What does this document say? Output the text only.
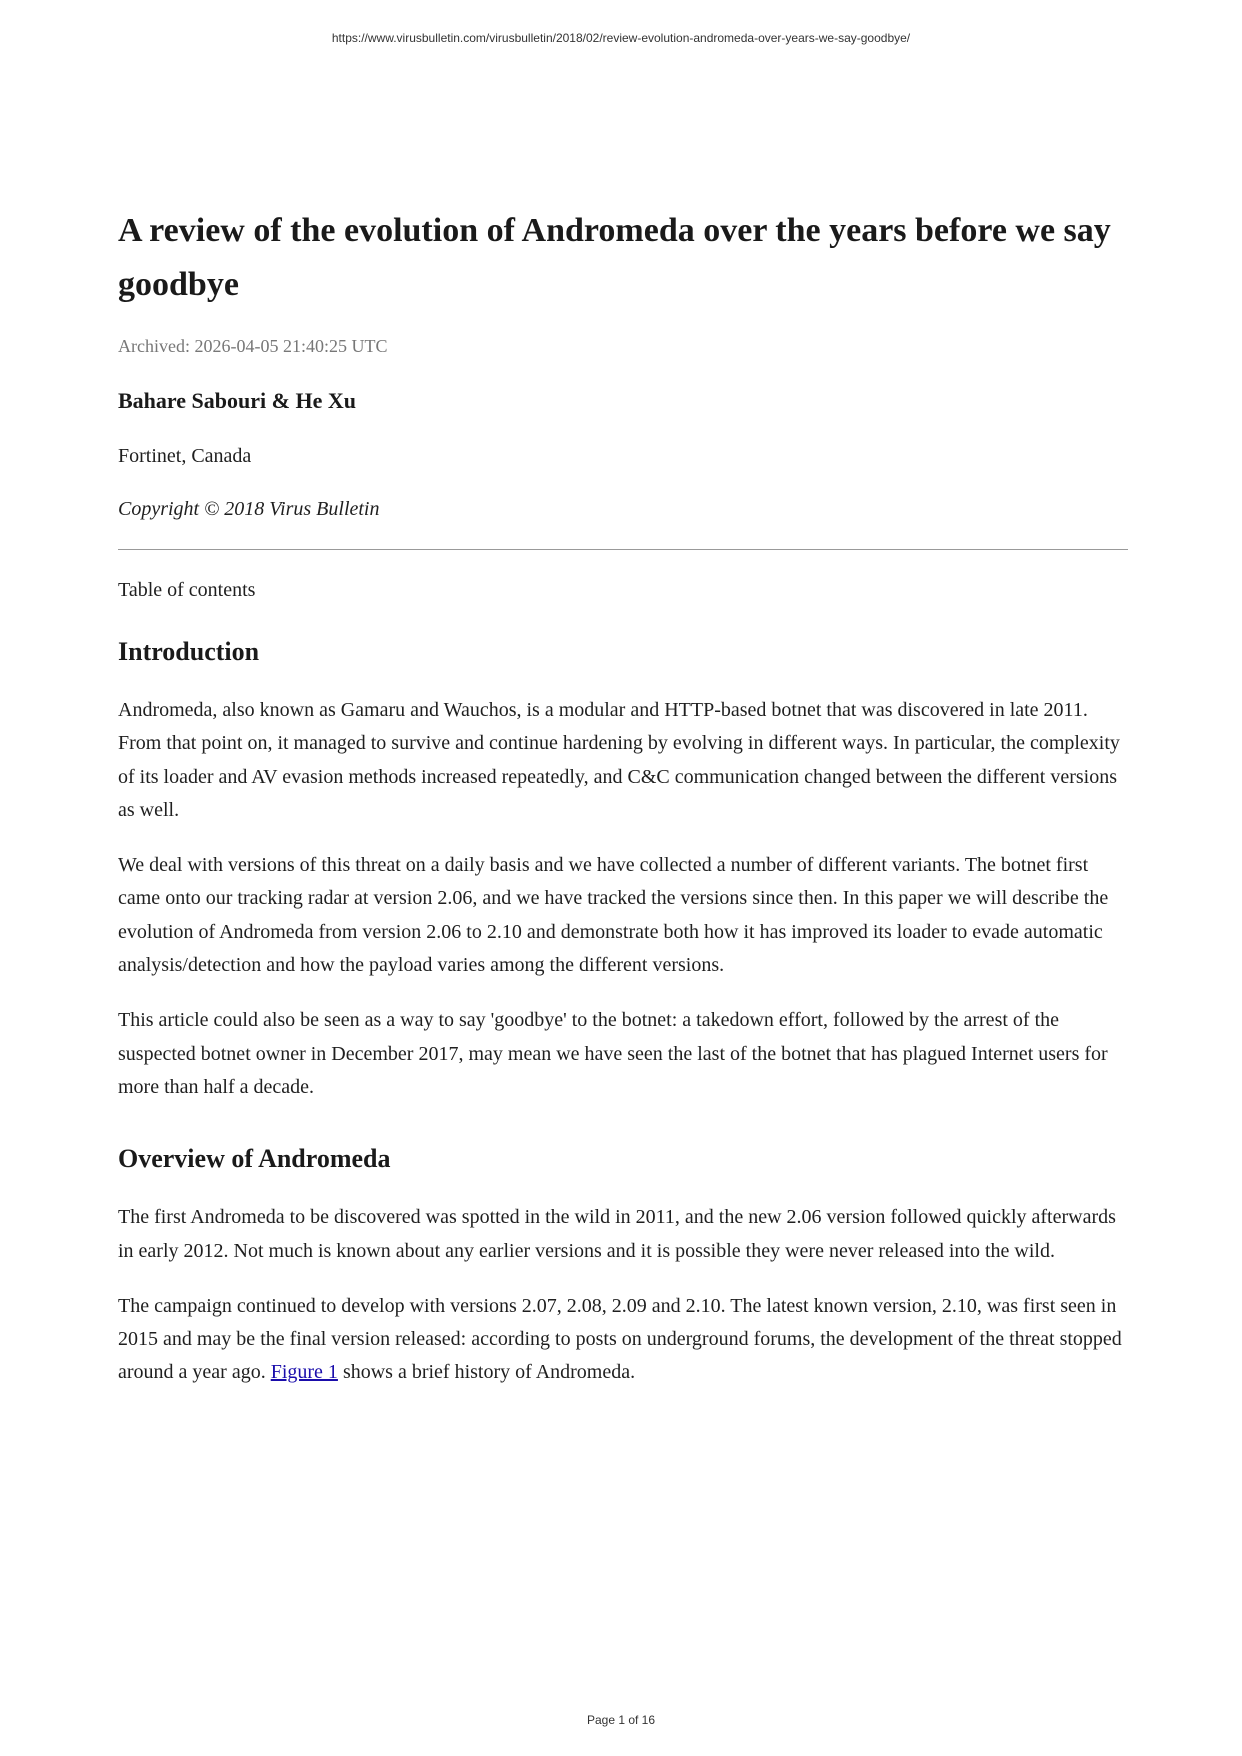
https://www.virusbulletin.com/virusbulletin/2018/02/review-evolution-andromeda-over-years-we-say-goodbye/
A review of the evolution of Andromeda over the years before we say goodbye

Archived: 2026-04-05 21:40:25 UTC

Bahare Sabouri & He Xu

Fortinet, Canada

Copyright © 2018 Virus Bulletin

Table of contents

Introduction

Andromeda, also known as Gamaru and Wauchos, is a modular and HTTP-based botnet that was discovered in late 2011. From that point on, it managed to survive and continue hardening by evolving in different ways. In particular, the complexity of its loader and AV evasion methods increased repeatedly, and C&C communication changed between the different versions as well.

We deal with versions of this threat on a daily basis and we have collected a number of different variants. The botnet first came onto our tracking radar at version 2.06, and we have tracked the versions since then. In this paper we will describe the evolution of Andromeda from version 2.06 to 2.10 and demonstrate both how it has improved its loader to evade automatic analysis/detection and how the payload varies among the different versions.

This article could also be seen as a way to say 'goodbye' to the botnet: a takedown effort, followed by the arrest of the suspected botnet owner in December 2017, may mean we have seen the last of the botnet that has plagued Internet users for more than half a decade.

Overview of Andromeda

The first Andromeda to be discovered was spotted in the wild in 2011, and the new 2.06 version followed quickly afterwards in early 2012. Not much is known about any earlier versions and it is possible they were never released into the wild.

The campaign continued to develop with versions 2.07, 2.08, 2.09 and 2.10. The latest known version, 2.10, was first seen in 2015 and may be the final version released: according to posts on underground forums, the development of the threat stopped around a year ago. Figure 1 shows a brief history of Andromeda.

Page 1 of 16
